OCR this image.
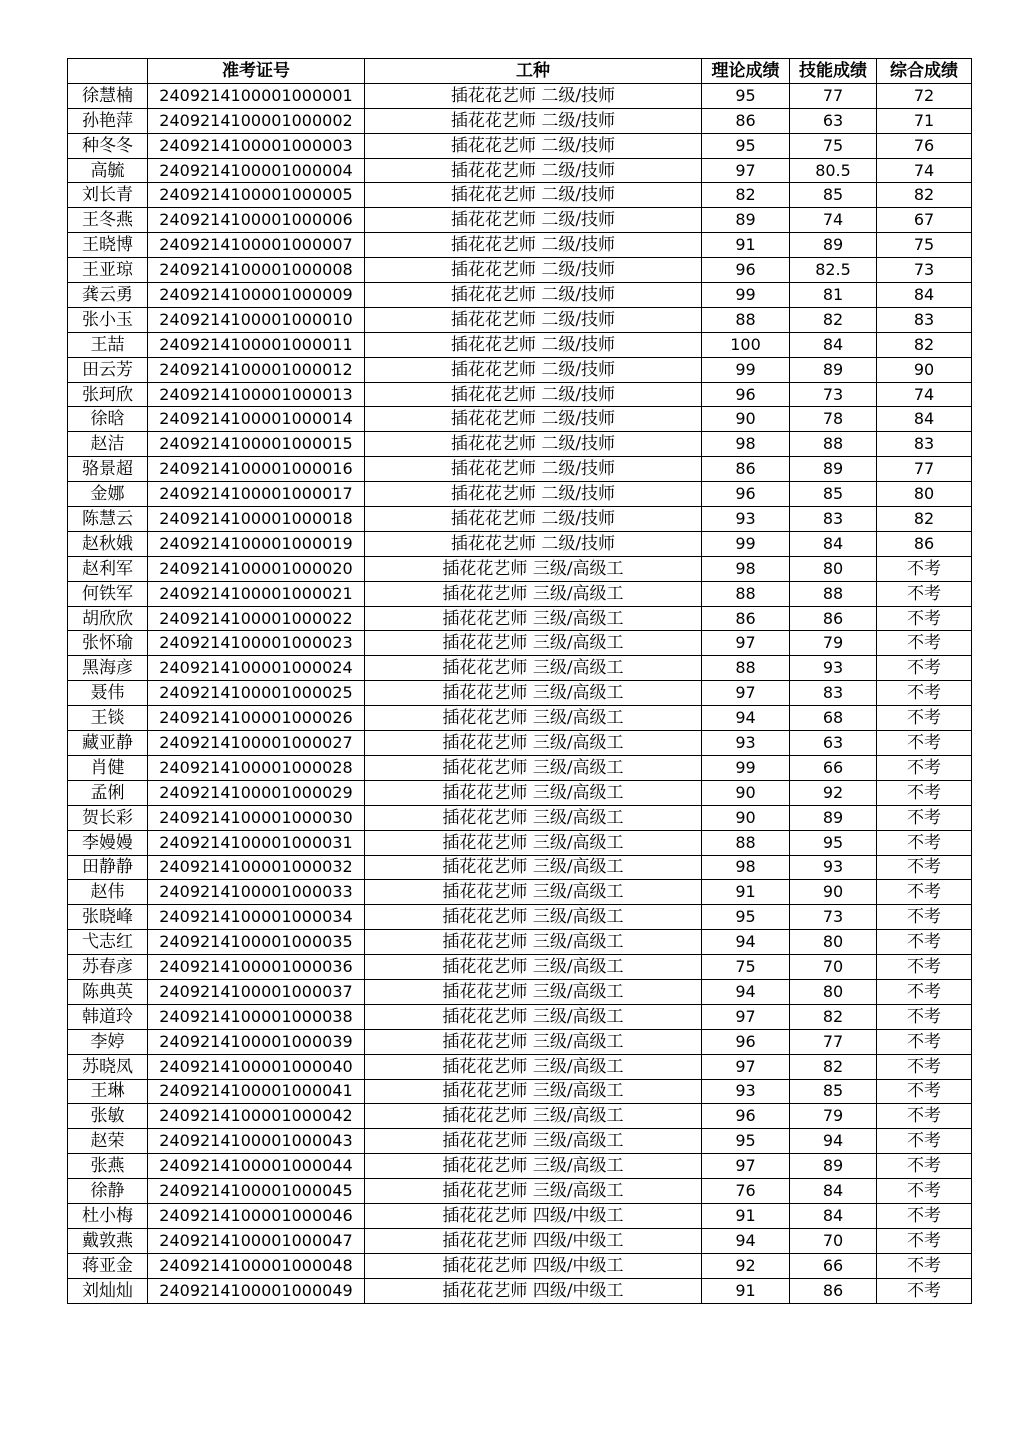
	准考证号	工种	理论成绩	技能成绩	综合成绩
徐慧楠	2409214100001000001	插花花艺师 二级/技师	95	77	72
孙艳萍	2409214100001000002	插花花艺师 二级/技师	86	63	71
种冬冬	2409214100001000003	插花花艺师 二级/技师	95	75	76
高毓	2409214100001000004	插花花艺师 二级/技师	97	80.5	74
刘长青	2409214100001000005	插花花艺师 二级/技师	82	85	82
王冬燕	2409214100001000006	插花花艺师 二级/技师	89	74	67
王晓博	2409214100001000007	插花花艺师 二级/技师	91	89	75
王亚琼	2409214100001000008	插花花艺师 二级/技师	96	82.5	73
龚云勇	2409214100001000009	插花花艺师 二级/技师	99	81	84
张小玉	2409214100001000010	插花花艺师 二级/技师	88	82	83
王喆	2409214100001000011	插花花艺师 二级/技师	100	84	82
田云芳	2409214100001000012	插花花艺师 二级/技师	99	89	90
张珂欣	2409214100001000013	插花花艺师 二级/技师	96	73	74
徐晗	2409214100001000014	插花花艺师 二级/技师	90	78	84
赵洁	2409214100001000015	插花花艺师 二级/技师	98	88	83
骆景超	2409214100001000016	插花花艺师 二级/技师	86	89	77
金娜	2409214100001000017	插花花艺师 二级/技师	96	85	80
陈慧云	2409214100001000018	插花花艺师 二级/技师	93	83	82
赵秋娥	2409214100001000019	插花花艺师 二级/技师	99	84	86
赵利军	2409214100001000020	插花花艺师 三级/高级工	98	80	不考
何铁军	2409214100001000021	插花花艺师 三级/高级工	88	88	不考
胡欣欣	2409214100001000022	插花花艺师 三级/高级工	86	86	不考
张怀瑜	2409214100001000023	插花花艺师 三级/高级工	97	79	不考
黑海彦	2409214100001000024	插花花艺师 三级/高级工	88	93	不考
聂伟	2409214100001000025	插花花艺师 三级/高级工	97	83	不考
王锬	2409214100001000026	插花花艺师 三级/高级工	94	68	不考
藏亚静	2409214100001000027	插花花艺师 三级/高级工	93	63	不考
肖健	2409214100001000028	插花花艺师 三级/高级工	99	66	不考
孟俐	2409214100001000029	插花花艺师 三级/高级工	90	92	不考
贺长彩	2409214100001000030	插花花艺师 三级/高级工	90	89	不考
李嫚嫚	2409214100001000031	插花花艺师 三级/高级工	88	95	不考
田静静	2409214100001000032	插花花艺师 三级/高级工	98	93	不考
赵伟	2409214100001000033	插花花艺师 三级/高级工	91	90	不考
张晓峰	2409214100001000034	插花花艺师 三级/高级工	95	73	不考
弋志红	2409214100001000035	插花花艺师 三级/高级工	94	80	不考
苏春彦	2409214100001000036	插花花艺师 三级/高级工	75	70	不考
陈典英	2409214100001000037	插花花艺师 三级/高级工	94	80	不考
韩道玲	2409214100001000038	插花花艺师 三级/高级工	97	82	不考
李婷	2409214100001000039	插花花艺师 三级/高级工	96	77	不考
苏晓凤	2409214100001000040	插花花艺师 三级/高级工	97	82	不考
王琳	2409214100001000041	插花花艺师 三级/高级工	93	85	不考
张敏	2409214100001000042	插花花艺师 三级/高级工	96	79	不考
赵荣	2409214100001000043	插花花艺师 三级/高级工	95	94	不考
张燕	2409214100001000044	插花花艺师 三级/高级工	97	89	不考
徐静	2409214100001000045	插花花艺师 三级/高级工	76	84	不考
杜小梅	2409214100001000046	插花花艺师 四级/中级工	91	84	不考
戴敦燕	2409214100001000047	插花花艺师 四级/中级工	94	70	不考
蒋亚金	2409214100001000048	插花花艺师 四级/中级工	92	66	不考
刘灿灿	2409214100001000049	插花花艺师 四级/中级工	91	86	不考
